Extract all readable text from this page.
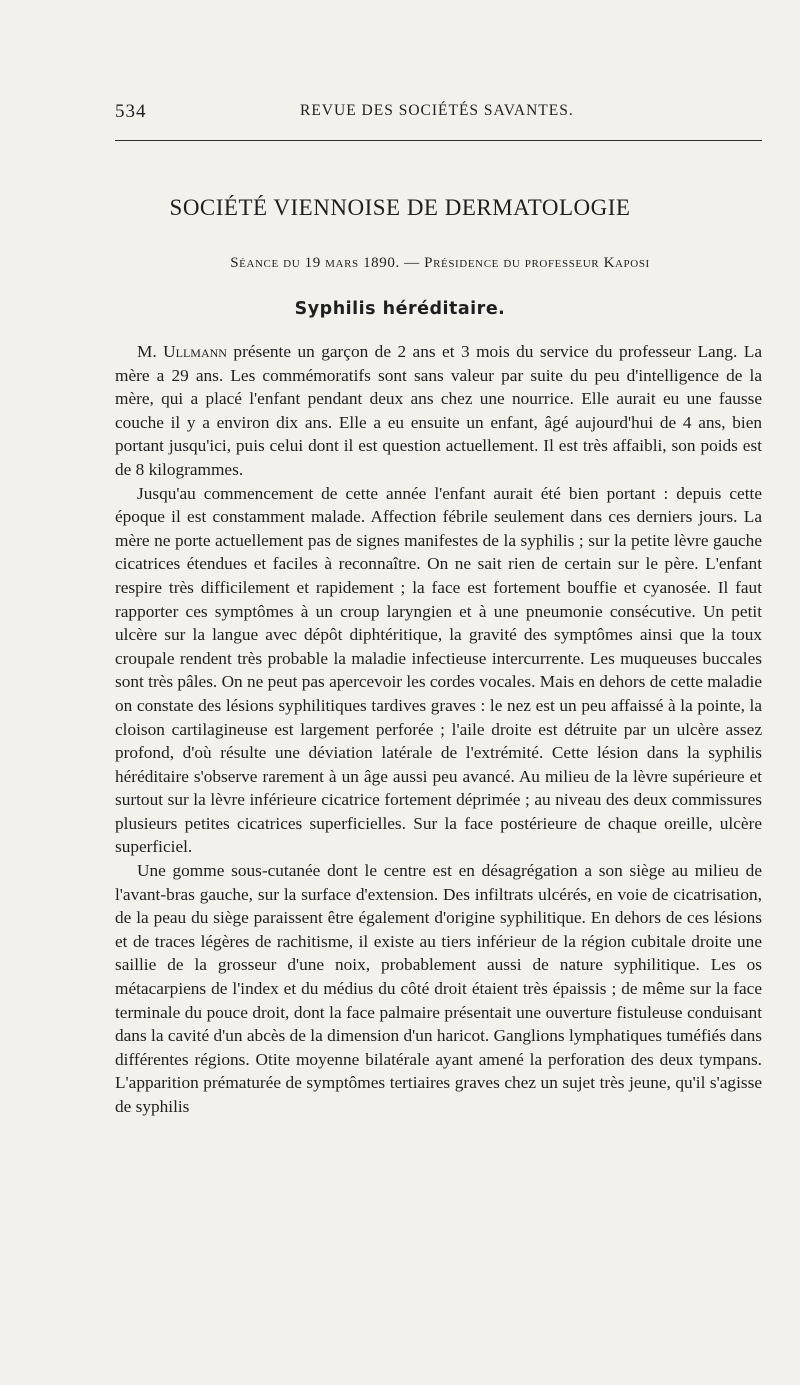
534	REVUE DES SOCIÉTÉS SAVANTES.
SOCIÉTÉ VIENNOISE DE DERMATOLOGIE
Séance du 19 mars 1890. — Présidence du professeur Kaposi
Syphilis héréditaire.

M. Ullmann présente un garçon de 2 ans et 3 mois du service du professeur Lang. La mère a 29 ans. Les commémoratifs sont sans valeur par suite du peu d'intelligence de la mère, qui a placé l'enfant pendant deux ans chez une nourrice. Elle aurait eu une fausse couche il y a environ dix ans. Elle a eu ensuite un enfant, âgé aujourd'hui de 4 ans, bien portant jusqu'ici, puis celui dont il est question actuellement. Il est très affaibli, son poids est de 8 kilogrammes.

Jusqu'au commencement de cette année l'enfant aurait été bien portant : depuis cette époque il est constamment malade. Affection fébrile seulement dans ces derniers jours. La mère ne porte actuellement pas de signes manifestes de la syphilis ; sur la petite lèvre gauche cicatrices étendues et faciles à reconnaître. On ne sait rien de certain sur le père. L'enfant respire très difficilement et rapidement ; la face est fortement bouffie et cyanosée. Il faut rapporter ces symptômes à un croup laryngien et à une pneumonie consécutive. Un petit ulcère sur la langue avec dépôt diphtéritique, la gravité des symptômes ainsi que la toux croupale rendent très probable la maladie infectieuse intercurrente. Les muqueuses buccales sont très pâles. On ne peut pas apercevoir les cordes vocales. Mais en dehors de cette maladie on constate des lésions syphilitiques tardives graves : le nez est un peu affaissé à la pointe, la cloison cartilagineuse est largement perforée ; l'aile droite est détruite par un ulcère assez profond, d'où résulte une déviation latérale de l'extrémité. Cette lésion dans la syphilis héréditaire s'observe rarement à un âge aussi peu avancé. Au milieu de la lèvre supérieure et surtout sur la lèvre inférieure cicatrice fortement déprimée ; au niveau des deux commissures plusieurs petites cicatrices superficielles. Sur la face postérieure de chaque oreille, ulcère superficiel.

Une gomme sous-cutanée dont le centre est en désagrégation a son siège au milieu de l'avant-bras gauche, sur la surface d'extension. Des infiltrats ulcérés, en voie de cicatrisation, de la peau du siège paraissent être également d'origine syphilitique. En dehors de ces lésions et de traces légères de rachitisme, il existe au tiers inférieur de la région cubitale droite une saillie de la grosseur d'une noix, probablement aussi de nature syphilitique. Les os métacarpiens de l'index et du médius du côté droit étaient très épaissis ; de même sur la face terminale du pouce droit, dont la face palmaire présentait une ouverture fistuleuse conduisant dans la cavité d'un abcès de la dimension d'un haricot. Ganglions lymphatiques tuméfiés dans différentes régions. Otite moyenne bilatérale ayant amené la perforation des deux tympans. L'apparition prématurée de symptômes tertiaires graves chez un sujet très jeune, qu'il s'agisse de syphilis
